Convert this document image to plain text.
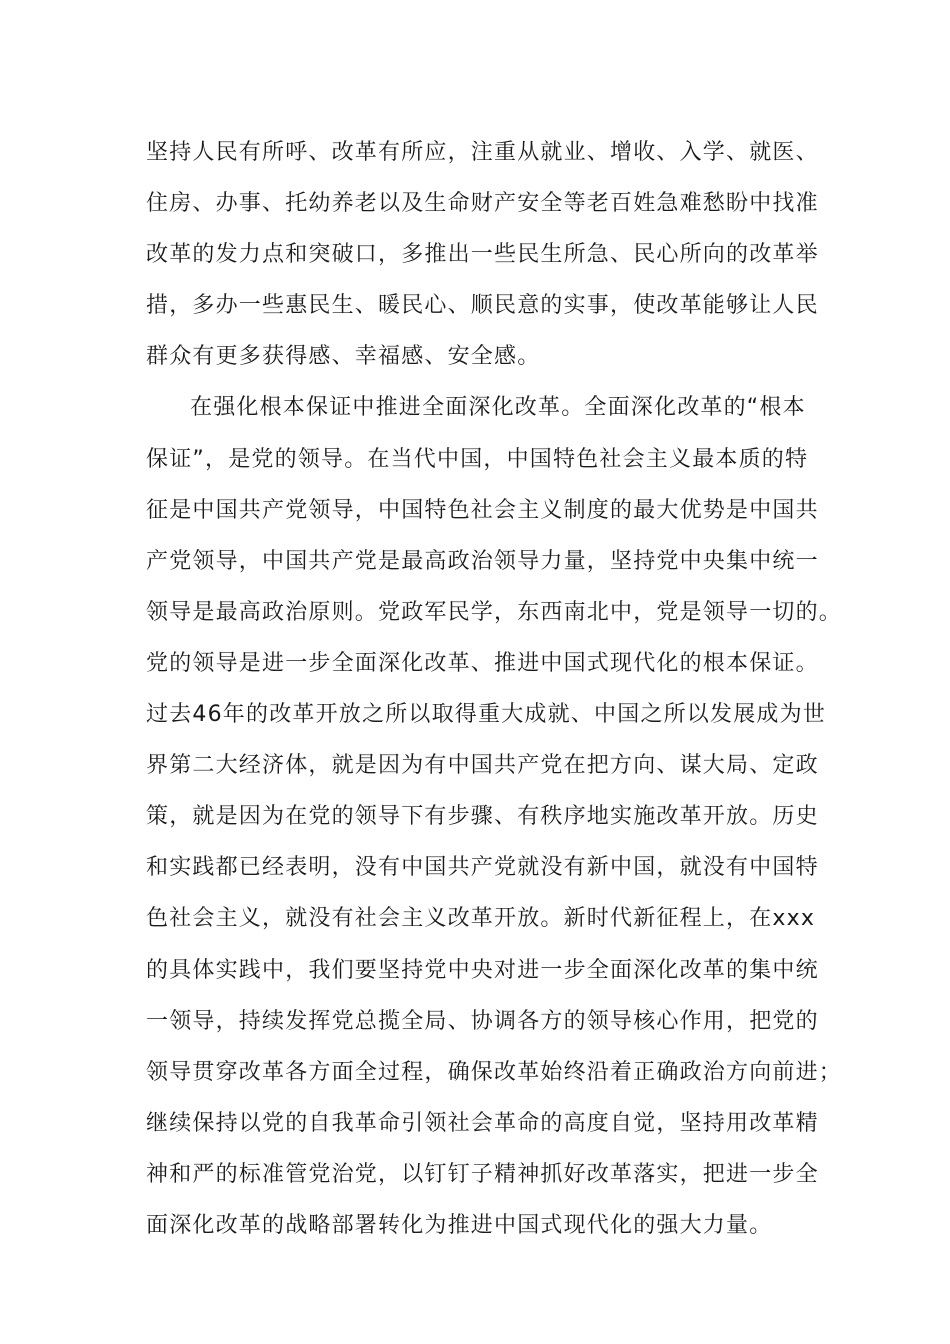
坚持人民有所呼、改革有所应，注重从就业、增收、入学、就医、
住房、办事、托幼养老以及生命财产安全等老百姓急难愁盼中找准
改革的发力点和突破口，多推出一些民生所急、民心所向的改革举
措，多办一些惠民生、暖民心、顺民意的实事，使改革能够让人民
群众有更多获得感、幸福感、安全感。
在强化根本保证中推进全面深化改革。全面深化改革的“根本
保证”，是党的领导。在当代中国，中国特色社会主义最本质的特
征是中国共产党领导，中国特色社会主义制度的最大优势是中国共
产党领导，中国共产党是最高政治领导力量，坚持党中央集中统一
领导是最高政治原则。党政军民学，东西南北中，党是领导一切的。
党的领导是进一步全面深化改革、推进中国式现代化的根本保证。
过去46年的改革开放之所以取得重大成就、中国之所以发展成为世
界第二大经济体，就是因为有中国共产党在把方向、谋大局、定政
策，就是因为在党的领导下有步骤、有秩序地实施改革开放。历史
和实践都已经表明，没有中国共产党就没有新中国，就没有中国特
色社会主义，就没有社会主义改革开放。新时代新征程上，在xxx
的具体实践中，我们要坚持党中央对进一步全面深化改革的集中统
一领导，持续发挥党总揽全局、协调各方的领导核心作用，把党的
领导贯穿改革各方面全过程，确保改革始终沿着正确政治方向前进；
继续保持以党的自我革命引领社会革命的高度自觉，坚持用改革精
神和严的标准管党治党，以钉钉子精神抓好改革落实，把进一步全
面深化改革的战略部署转化为推进中国式现代化的强大力量。
